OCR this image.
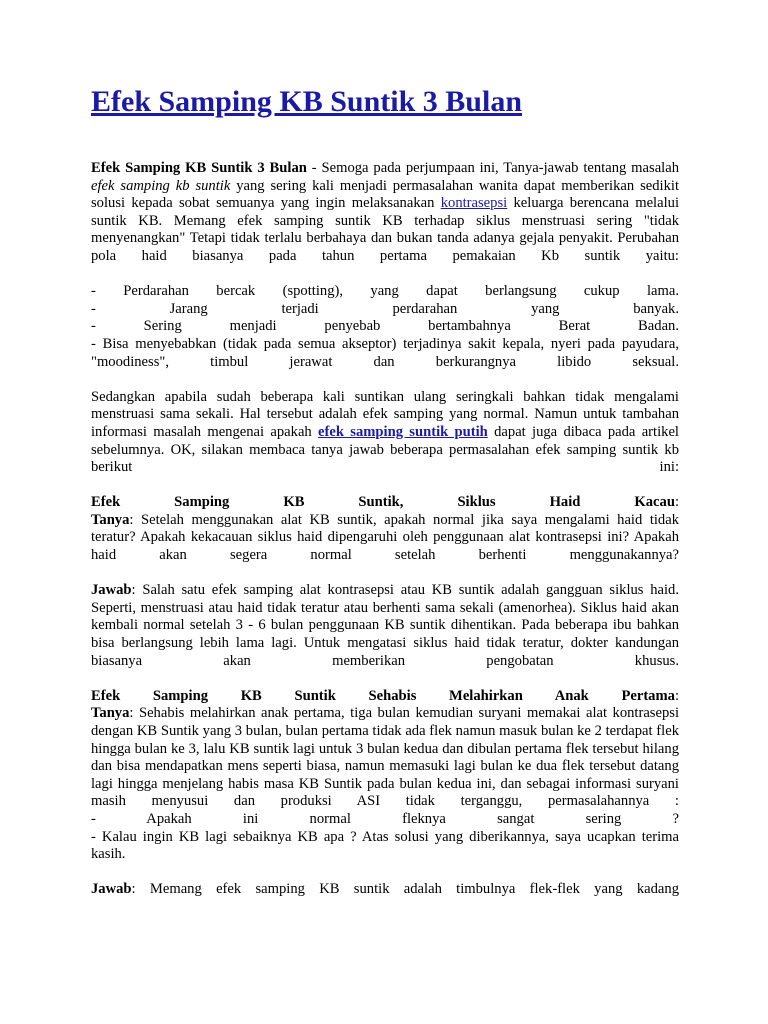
Efek Samping KB Suntik 3 Bulan
Efek Samping KB Suntik 3 Bulan - Semoga pada perjumpaan ini, Tanya-jawab tentang masalah efek samping kb suntik yang sering kali menjadi permasalahan wanita dapat memberikan sedikit solusi kepada sobat semuanya yang ingin melaksanakan kontrasepsi keluarga berencana melalui suntik KB. Memang efek samping suntik KB terhadap siklus menstruasi sering "tidak menyenangkan" Tetapi tidak terlalu berbahaya dan bukan tanda adanya gejala penyakit. Perubahan pola haid biasanya pada tahun pertama pemakaian Kb suntik yaitu:
- Perdarahan bercak (spotting), yang dapat berlangsung cukup lama.
- Jarang terjadi perdarahan yang banyak.
- Sering menjadi penyebab bertambahnya Berat Badan.
- Bisa menyebabkan (tidak pada semua akseptor) terjadinya sakit kepala, nyeri pada payudara, "moodiness", timbul jerawat dan berkurangnya libido seksual.
Sedangkan apabila sudah beberapa kali suntikan ulang seringkali bahkan tidak mengalami menstruasi sama sekali. Hal tersebut adalah efek samping yang normal. Namun untuk tambahan informasi masalah mengenai apakah efek samping suntik putih dapat juga dibaca pada artikel sebelumnya. OK, silakan membaca tanya jawab beberapa permasalahan efek samping suntik kb berikut ini:
Efek Samping KB Suntik, Siklus Haid Kacau:
Tanya: Setelah menggunakan alat KB suntik, apakah normal jika saya mengalami haid tidak teratur? Apakah kekacauan siklus haid dipengaruhi oleh penggunaan alat kontrasepsi ini? Apakah haid akan segera normal setelah berhenti menggunakannya?
Jawab: Salah satu efek samping alat kontrasepsi atau KB suntik adalah gangguan siklus haid. Seperti, menstruasi atau haid tidak teratur atau berhenti sama sekali (amenorhea). Siklus haid akan kembali normal setelah 3 - 6 bulan penggunaan KB suntik dihentikan. Pada beberapa ibu bahkan bisa berlangsung lebih lama lagi. Untuk mengatasi siklus haid tidak teratur, dokter kandungan biasanya akan memberikan pengobatan khusus.
Efek Samping KB Suntik Sehabis Melahirkan Anak Pertama:
Tanya: Sehabis melahirkan anak pertama, tiga bulan kemudian suryani memakai alat kontrasepsi dengan KB Suntik yang 3 bulan, bulan pertama tidak ada flek namun masuk bulan ke 2 terdapat flek hingga bulan ke 3, lalu KB suntik lagi untuk 3 bulan kedua dan dibulan pertama flek tersebut hilang dan bisa mendapatkan mens seperti biasa, namun memasuki lagi bulan ke dua flek tersebut datang lagi hingga menjelang habis masa KB Suntik pada bulan kedua ini, dan sebagai informasi suryani masih menyusui dan produksi ASI tidak terganggu, permasalahannya :
- Apakah ini normal fleknya sangat sering ?
- Kalau ingin KB lagi sebaiknya KB apa ? Atas solusi yang diberikannya, saya ucapkan terima kasih.
Jawab: Memang efek samping KB suntik adalah timbulnya flek-flek yang kadang
